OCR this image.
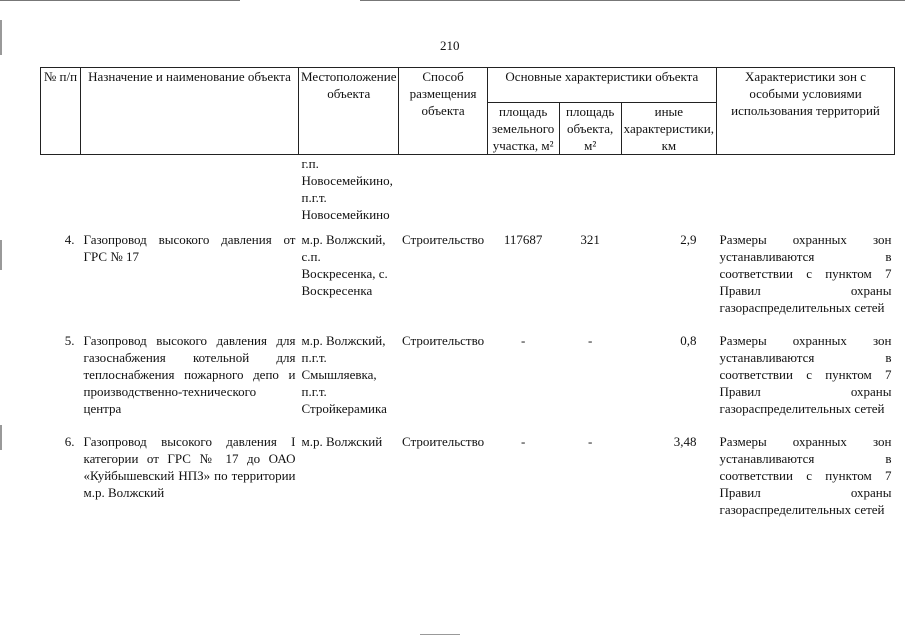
210
№ п/п	Назначение и наименование объекта	Местоположение объекта	Способ размещения объекта	Основные характеристики объекта			Характеристики зон с особыми условиями использования территорий
				площадь земельного участка, м²	площадь объекта, м²	иные характеристики, км	
		г.п. Новосемейкино, п.г.т. Новосемейкино					
4.	Газопровод высокого давления от ГРС № 17	м.р. Волжский, с.п. Воскресенка, с. Воскресенка	Строительство	117687	321	2,9	Размеры охранных зон устанавливаются в соответствии с пунктом 7 Правил охраны газораспределительных сетей
5.	Газопровод высокого давления для газоснабжения котельной для теплоснабжения пожарного депо и производственно-технического центра	м.р. Волжский, п.г.т. Смышляевка, п.г.т. Стройкерамика	Строительство	-	-	0,8	Размеры охранных зон устанавливаются в соответствии с пунктом 7 Правил охраны газораспределительных сетей
6.	Газопровод высокого давления I категории от ГРС № 17 до ОАО «Куйбышевский НПЗ» по территории м.р. Волжский	м.р. Волжский	Строительство	-	-	3,48	Размеры охранных зон устанавливаются в соответствии с пунктом 7 Правил охраны газораспределительных сетей
